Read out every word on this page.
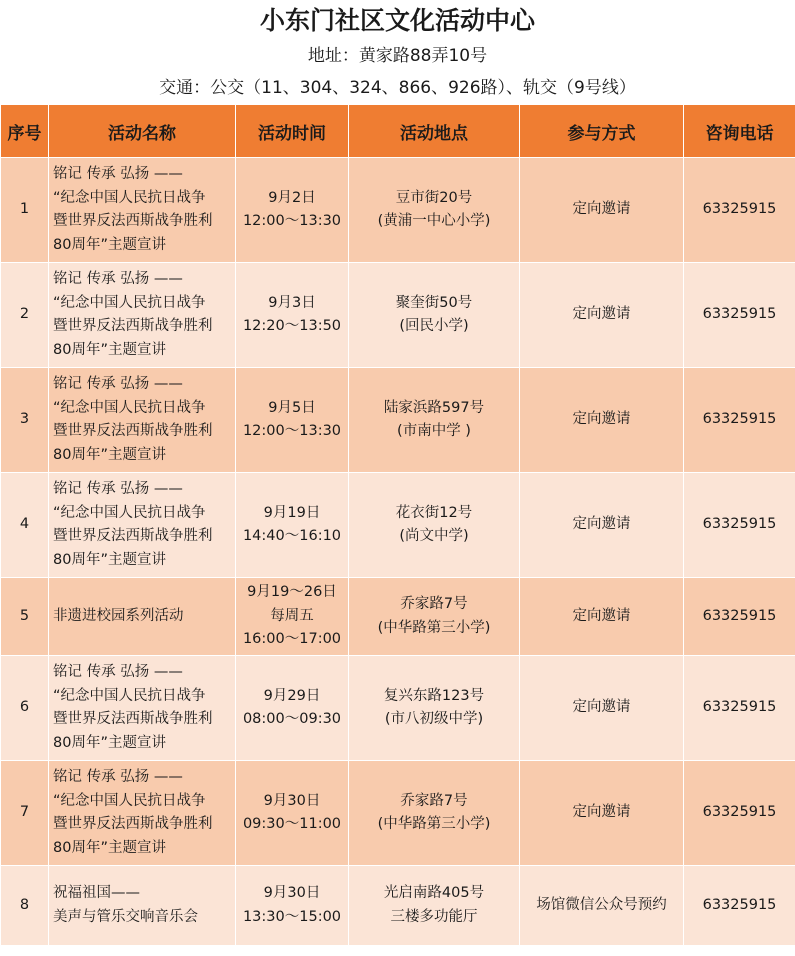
小东门社区文化活动中心
地址：黄家路88弄10号
交通：公交（11、304、324、866、926路）、轨交（9号线）
序号	活动名称	活动时间	活动地点	参与方式	咨询电话
1	铭记 传承 弘扬 ——
“纪念中国人民抗日战争
暨世界反法西斯战争胜利
80周年”主题宣讲	9月2日
12:00～13:30	豆市街20号
(黄浦一中心小学)	定向邀请	63325915
2	铭记 传承 弘扬 ——
“纪念中国人民抗日战争
暨世界反法西斯战争胜利
80周年”主题宣讲	9月3日
12:20～13:50	聚奎街50号
(回民小学)	定向邀请	63325915
3	铭记 传承 弘扬 ——
“纪念中国人民抗日战争
暨世界反法西斯战争胜利
80周年”主题宣讲	9月5日
12:00～13:30	陆家浜路597号
(市南中学 )	定向邀请	63325915
4	铭记 传承 弘扬 ——
“纪念中国人民抗日战争
暨世界反法西斯战争胜利
80周年”主题宣讲	9月19日
14:40～16:10	花衣街12号
(尚文中学)	定向邀请	63325915
5	非遗进校园系列活动	9月19～26日
每周五
16:00～17:00	乔家路7号
(中华路第三小学)	定向邀请	63325915
6	铭记 传承 弘扬 ——
“纪念中国人民抗日战争
暨世界反法西斯战争胜利
80周年”主题宣讲	9月29日
08:00～09:30	复兴东路123号
(市八初级中学)	定向邀请	63325915
7	铭记 传承 弘扬 ——
“纪念中国人民抗日战争
暨世界反法西斯战争胜利
80周年”主题宣讲	9月30日
09:30～11:00	乔家路7号
(中华路第三小学)	定向邀请	63325915
8	祝福祖国——
美声与管乐交响音乐会	9月30日
13:30～15:00	光启南路405号
三楼多功能厅	场馆微信公众号预约	63325915
